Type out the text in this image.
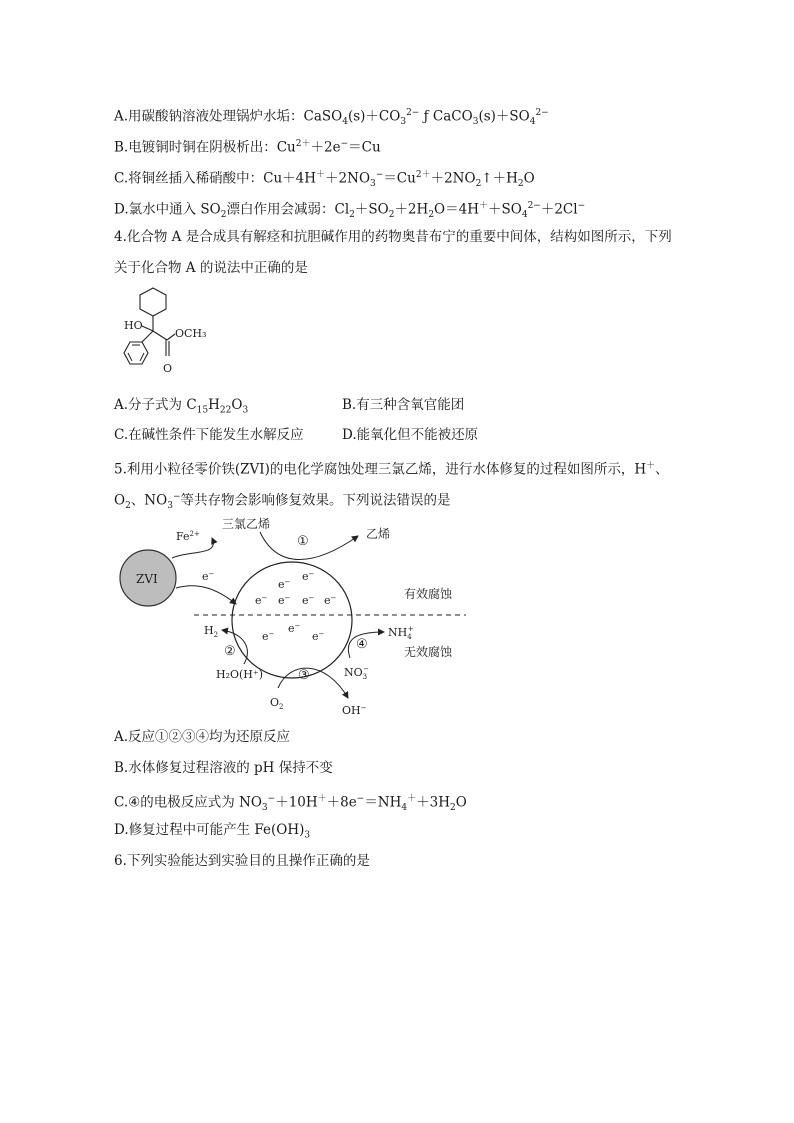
A.用碳酸钠溶液处理锅炉水垢：$CaSO_4(s)+CO_3^{2-}$ ƒ $CaCO_3(s)+SO_4^{2-}$
B.电镀铜时铜在阴极析出：$Cu^{2+}+2e^-=Cu$
C.将铜丝插入稀硝酸中：$Cu+4H^++2NO_3^-=Cu^{2+}+2NO_2↑+H_2O$
D.氯水中通入 $SO_2$漂白作用会减弱：$Cl_2+SO_2+2H_2O=4H^++SO_4^{2-}+2Cl^-$
4.化合物 A 是合成具有解痉和抗胆碱作用的药物奥昔布宁的重要中间体，结构如图所示，下列
关于化合物 A 的说法中正确的是
HO
OCH₃
O
A.分子式为 $C_{15}H_{22}O_3$	B.有三种含氧官能团
C.在碱性条件下能发生水解反应	D.能氧化但不能被还原
5.利用小粒径零价铁(ZVI)的电化学腐蚀处理三氯乙烯，进行水体修复的过程如图所示，H＋、
$O_2$、$NO_3^-$等共存物会影响修复效果。下列说法错误的是
ZVI
$Fe^{2+}$
e−
e− e−
e− e− e− e−
e−
e−	e−
有效腐蚀
无效腐蚀
三氯乙烯
乙烯
①
$H_2$
H₂O(H⁺)
②
$O_2$	OH−
③
$NH_4+$
$NO_3-$
④
A.反应①②③④均为还原反应
B.水体修复过程溶液的 pH 保持不变
C.④的电极反应式为 $NO_3^-+10H^++8e^-=NH_4^++3H_2O$
D.修复过程中可能产生 $Fe(OH)_3$
6.下列实验能达到实验目的且操作正确的是
